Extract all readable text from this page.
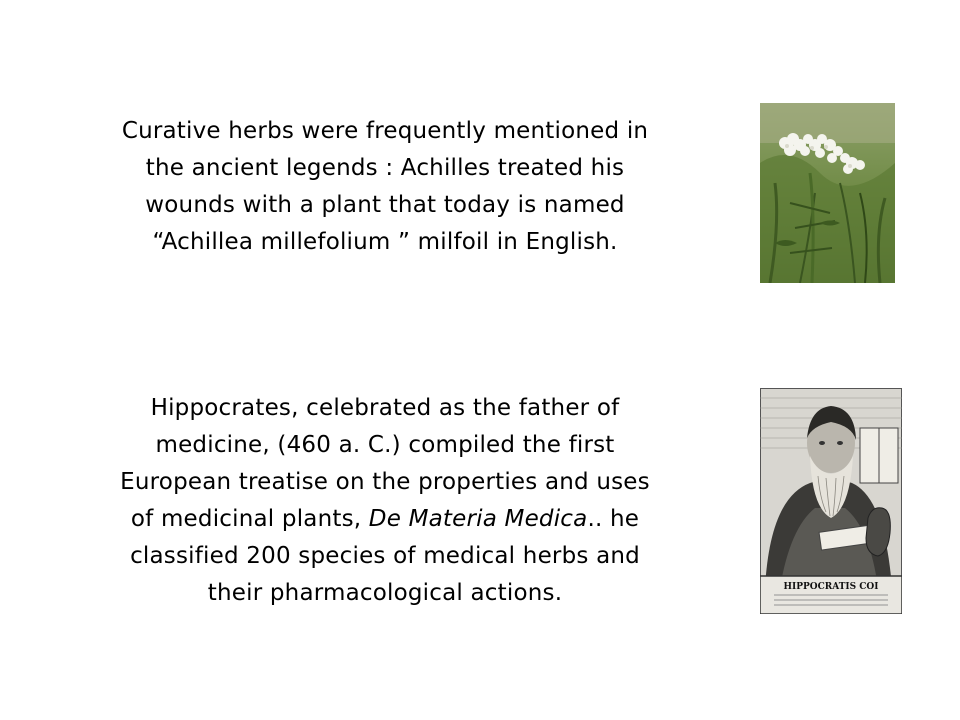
Curative herbs were frequently mentioned in
the ancient legends : Achilles treated his
wounds with a plant that today is named
“Achillea millefolium ” milfoil in English.
Hippocrates, celebrated as the father of
medicine, (460 a. C.) compiled the first
European treatise on the properties and uses
of medicinal plants, De Materia Medica.. he
classified 200 species of medical herbs and
their pharmacological actions.	HIPPOCRATIS COI
